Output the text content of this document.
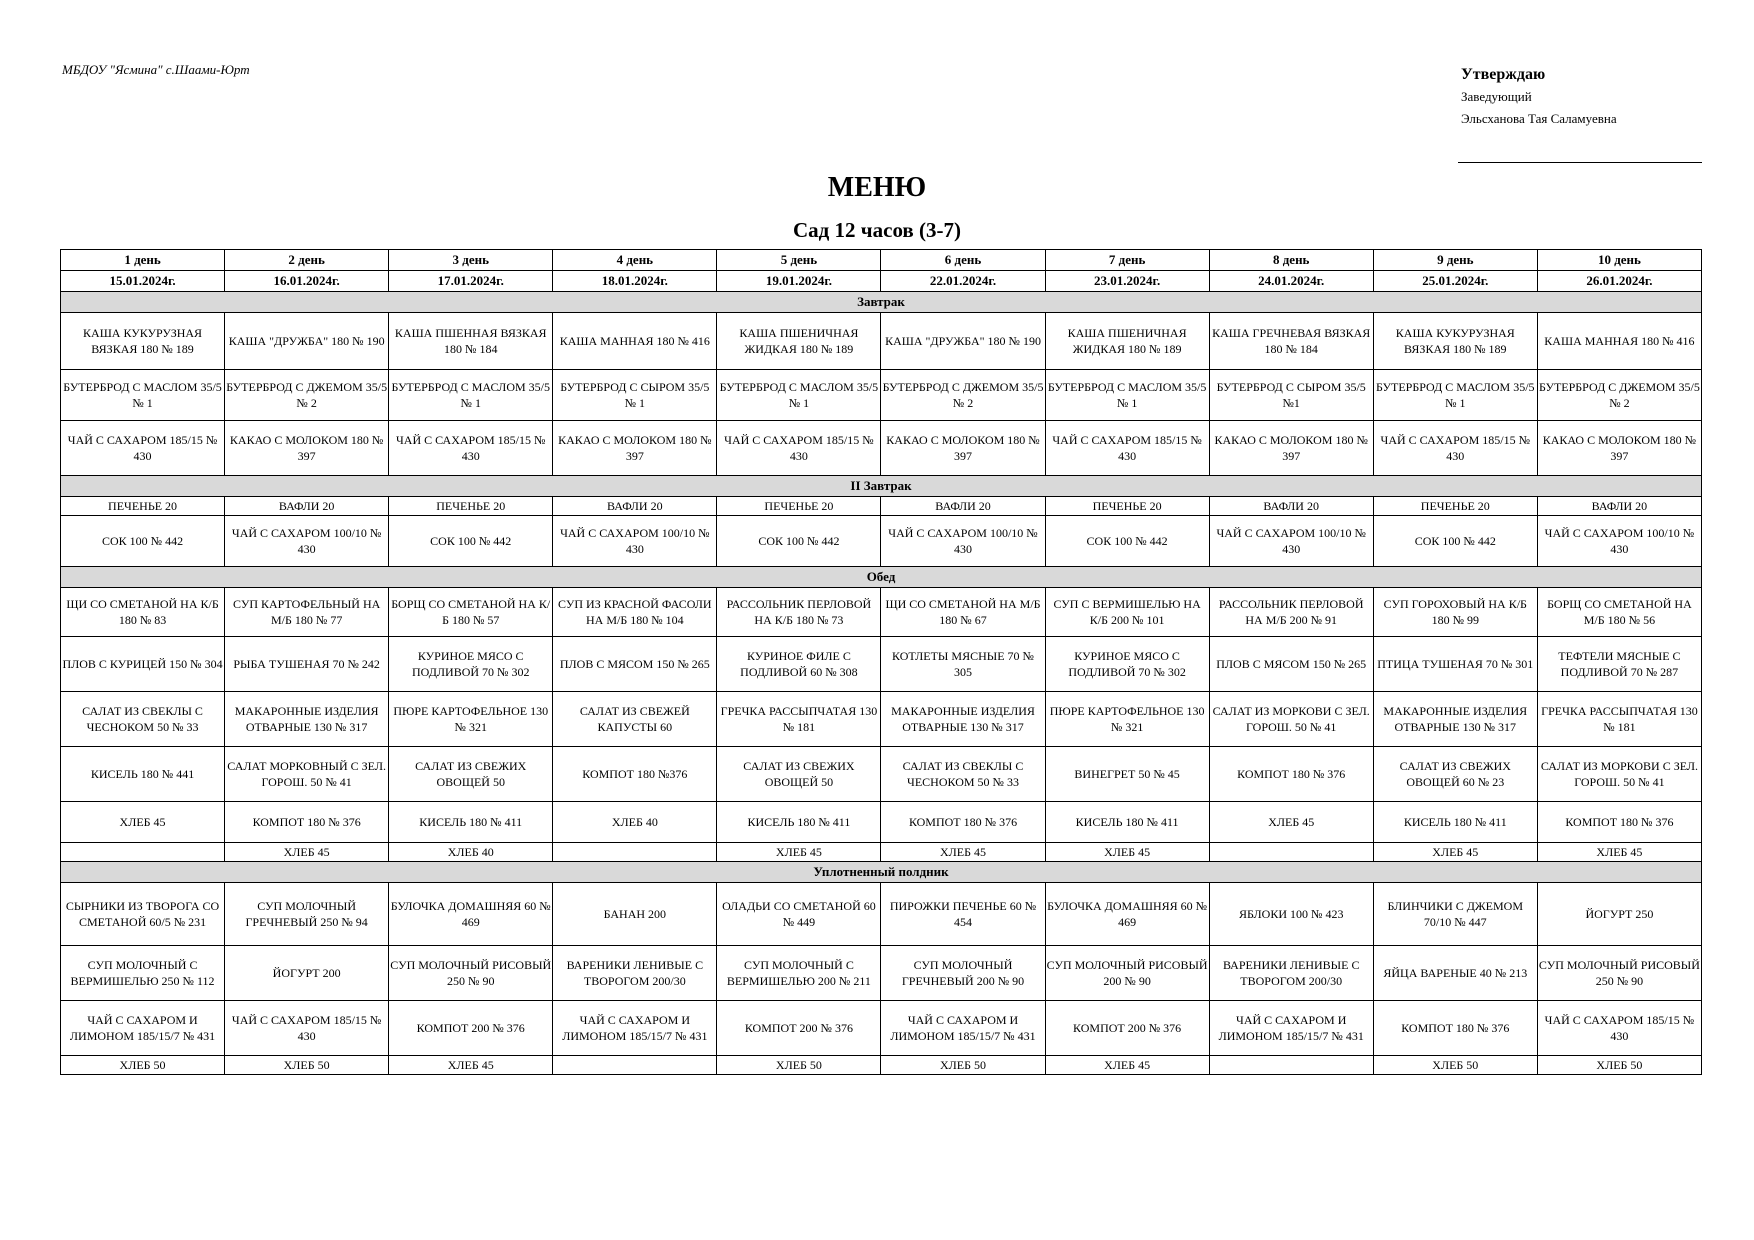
МБДОУ "Ясмина" с.Шаами-Юрт	Утверждаю
Заведующий
Эльсханова Тая Саламуевна
МЕНЮ
Сад 12 часов (3-7)
1 день	2 день	3 день	4 день	5 день	6 день	7 день	8 день	9 день	10 день
15.01.2024г.	16.01.2024г.	17.01.2024г.	18.01.2024г.	19.01.2024г.	22.01.2024г.	23.01.2024г.	24.01.2024г.	25.01.2024г.	26.01.2024г.
Завтрак									
КАША КУКУРУЗНАЯ ВЯЗКАЯ 180 № 189	КАША "ДРУЖБА" 180 № 190	КАША ПШЕННАЯ ВЯЗКАЯ 180 № 184	КАША МАННАЯ 180 № 416	КАША ПШЕНИЧНАЯ ЖИДКАЯ 180 № 189	КАША "ДРУЖБА" 180 № 190	КАША ПШЕНИЧНАЯ ЖИДКАЯ 180 № 189	КАША ГРЕЧНЕВАЯ ВЯЗКАЯ 180 № 184	КАША КУКУРУЗНАЯ ВЯЗКАЯ 180 № 189	КАША МАННАЯ 180 № 416
БУТЕРБРОД С МАСЛОМ 35/5 № 1	БУТЕРБРОД С ДЖЕМОМ 35/5 № 2	БУТЕРБРОД С МАСЛОМ 35/5 № 1	БУТЕРБРОД С СЫРОМ 35/5 № 1	БУТЕРБРОД С МАСЛОМ 35/5 № 1	БУТЕРБРОД С ДЖЕМОМ 35/5 № 2	БУТЕРБРОД С МАСЛОМ 35/5 № 1	БУТЕРБРОД С СЫРОМ 35/5 №1	БУТЕРБРОД С МАСЛОМ 35/5 № 1	БУТЕРБРОД С ДЖЕМОМ 35/5 № 2
ЧАЙ С САХАРОМ 185/15 № 430	КАКАО С МОЛОКОМ 180 № 397	ЧАЙ С САХАРОМ 185/15 № 430	КАКАО С МОЛОКОМ 180 № 397	ЧАЙ С САХАРОМ 185/15 № 430	КАКАО С МОЛОКОМ 180 № 397	ЧАЙ С САХАРОМ 185/15 № 430	КАКАО С МОЛОКОМ 180 № 397	ЧАЙ С САХАРОМ 185/15 № 430	КАКАО С МОЛОКОМ 180 № 397
II Завтрак									
ПЕЧЕНЬЕ 20	ВАФЛИ 20	ПЕЧЕНЬЕ 20	ВАФЛИ 20	ПЕЧЕНЬЕ 20	ВАФЛИ 20	ПЕЧЕНЬЕ 20	ВАФЛИ 20	ПЕЧЕНЬЕ 20	ВАФЛИ 20
СОК 100 № 442	ЧАЙ С САХАРОМ 100/10 № 430	СОК 100 № 442	ЧАЙ С САХАРОМ 100/10 № 430	СОК 100 № 442	ЧАЙ С САХАРОМ 100/10 № 430	СОК 100 № 442	ЧАЙ С САХАРОМ 100/10 № 430	СОК 100 № 442	ЧАЙ С САХАРОМ 100/10 № 430
Обед									
ЩИ СО СМЕТАНОЙ НА К/Б 180 № 83	СУП КАРТОФЕЛЬНЫЙ НА М/Б 180 № 77	БОРЩ СО СМЕТАНОЙ НА К/Б 180 № 57	СУП ИЗ КРАСНОЙ ФАСОЛИ НА М/Б 180 № 104	РАССОЛЬНИК ПЕРЛОВОЙ НА К/Б 180 № 73	ЩИ СО СМЕТАНОЙ НА М/Б 180 № 67	СУП С ВЕРМИШЕЛЬЮ НА К/Б 200 № 101	РАССОЛЬНИК ПЕРЛОВОЙ НА М/Б 200 № 91	СУП ГОРОХОВЫЙ НА К/Б 180 № 99	БОРЩ СО СМЕТАНОЙ НА М/Б 180 № 56
ПЛОВ С КУРИЦЕЙ 150 № 304	РЫБА ТУШЕНАЯ 70 № 242	КУРИНОЕ МЯСО С ПОДЛИВОЙ 70 № 302	ПЛОВ С МЯСОМ 150 № 265	КУРИНОЕ ФИЛЕ С ПОДЛИВОЙ 60 № 308	КОТЛЕТЫ МЯСНЫЕ 70 № 305	КУРИНОЕ МЯСО С ПОДЛИВОЙ 70 № 302	ПЛОВ С МЯСОМ 150 № 265	ПТИЦА ТУШЕНАЯ 70 № 301	ТЕФТЕЛИ МЯСНЫЕ С ПОДЛИВОЙ 70 № 287
САЛАТ ИЗ СВЕКЛЫ С ЧЕСНОКОМ 50 № 33	МАКАРОННЫЕ ИЗДЕЛИЯ ОТВАРНЫЕ 130 № 317	ПЮРЕ КАРТОФЕЛЬНОЕ 130 № 321	САЛАТ ИЗ СВЕЖЕЙ КАПУСТЫ 60	ГРЕЧКА РАССЫПЧАТАЯ 130 № 181	МАКАРОННЫЕ ИЗДЕЛИЯ ОТВАРНЫЕ 130 № 317	ПЮРЕ КАРТОФЕЛЬНОЕ 130 № 321	САЛАТ ИЗ МОРКОВИ С ЗЕЛ. ГОРОШ. 50 № 41	МАКАРОННЫЕ ИЗДЕЛИЯ ОТВАРНЫЕ 130 № 317	ГРЕЧКА РАССЫПЧАТАЯ 130 № 181
КИСЕЛЬ 180 № 441	САЛАТ МОРКОВНЫЙ С ЗЕЛ. ГОРОШ. 50 № 41	САЛАТ ИЗ СВЕЖИХ ОВОЩЕЙ 50	КОМПОТ 180 №376	САЛАТ ИЗ СВЕЖИХ ОВОЩЕЙ 50	САЛАТ ИЗ СВЕКЛЫ С ЧЕСНОКОМ 50 № 33	ВИНЕГРЕТ 50 № 45	КОМПОТ 180 № 376	САЛАТ ИЗ СВЕЖИХ ОВОЩЕЙ 60 № 23	САЛАТ ИЗ МОРКОВИ С ЗЕЛ. ГОРОШ. 50 № 41
ХЛЕБ 45	КОМПОТ 180 № 376	КИСЕЛЬ 180 № 411	ХЛЕБ 40	КИСЕЛЬ 180 № 411	КОМПОТ 180 № 376	КИСЕЛЬ 180 № 411	ХЛЕБ 45	КИСЕЛЬ 180 № 411	КОМПОТ 180 № 376
	ХЛЕБ 45	ХЛЕБ 40		ХЛЕБ 45	ХЛЕБ 45	ХЛЕБ 45		ХЛЕБ 45	ХЛЕБ 45
Уплотненный полдник									
СЫРНИКИ ИЗ ТВОРОГА СО СМЕТАНОЙ 60/5 № 231	СУП МОЛОЧНЫЙ ГРЕЧНЕВЫЙ 250 № 94	БУЛОЧКА ДОМАШНЯЯ 60 № 469	БАНАН 200	ОЛАДЬИ СО СМЕТАНОЙ 60 № 449	ПИРОЖКИ ПЕЧЕНЬЕ 60 № 454	БУЛОЧКА ДОМАШНЯЯ 60 № 469	ЯБЛОКИ 100 № 423	БЛИНЧИКИ С ДЖЕМОМ 70/10 № 447	ЙОГУРТ 250
СУП МОЛОЧНЫЙ С ВЕРМИШЕЛЬЮ 250 № 112	ЙОГУРТ 200	СУП МОЛОЧНЫЙ РИСОВЫЙ 250 № 90	ВАРЕНИКИ ЛЕНИВЫЕ С ТВОРОГОМ 200/30	СУП МОЛОЧНЫЙ С ВЕРМИШЕЛЬЮ 200 № 211	СУП МОЛОЧНЫЙ ГРЕЧНЕВЫЙ 200 № 90	СУП МОЛОЧНЫЙ РИСОВЫЙ 200 № 90	ВАРЕНИКИ ЛЕНИВЫЕ С ТВОРОГОМ 200/30	ЯЙЦА ВАРЕНЫЕ 40 № 213	СУП МОЛОЧНЫЙ РИСОВЫЙ 250 № 90
ЧАЙ С САХАРОМ И ЛИМОНОМ 185/15/7 № 431	ЧАЙ С САХАРОМ 185/15 № 430	КОМПОТ 200 № 376	ЧАЙ С САХАРОМ И ЛИМОНОМ 185/15/7 № 431	КОМПОТ 200 № 376	ЧАЙ С САХАРОМ И ЛИМОНОМ 185/15/7 № 431	КОМПОТ 200 № 376	ЧАЙ С САХАРОМ И ЛИМОНОМ 185/15/7 № 431	КОМПОТ 180 № 376	ЧАЙ С САХАРОМ 185/15 № 430
ХЛЕБ 50	ХЛЕБ 50	ХЛЕБ 45		ХЛЕБ 50	ХЛЕБ 50	ХЛЕБ 45		ХЛЕБ 50	ХЛЕБ 50
